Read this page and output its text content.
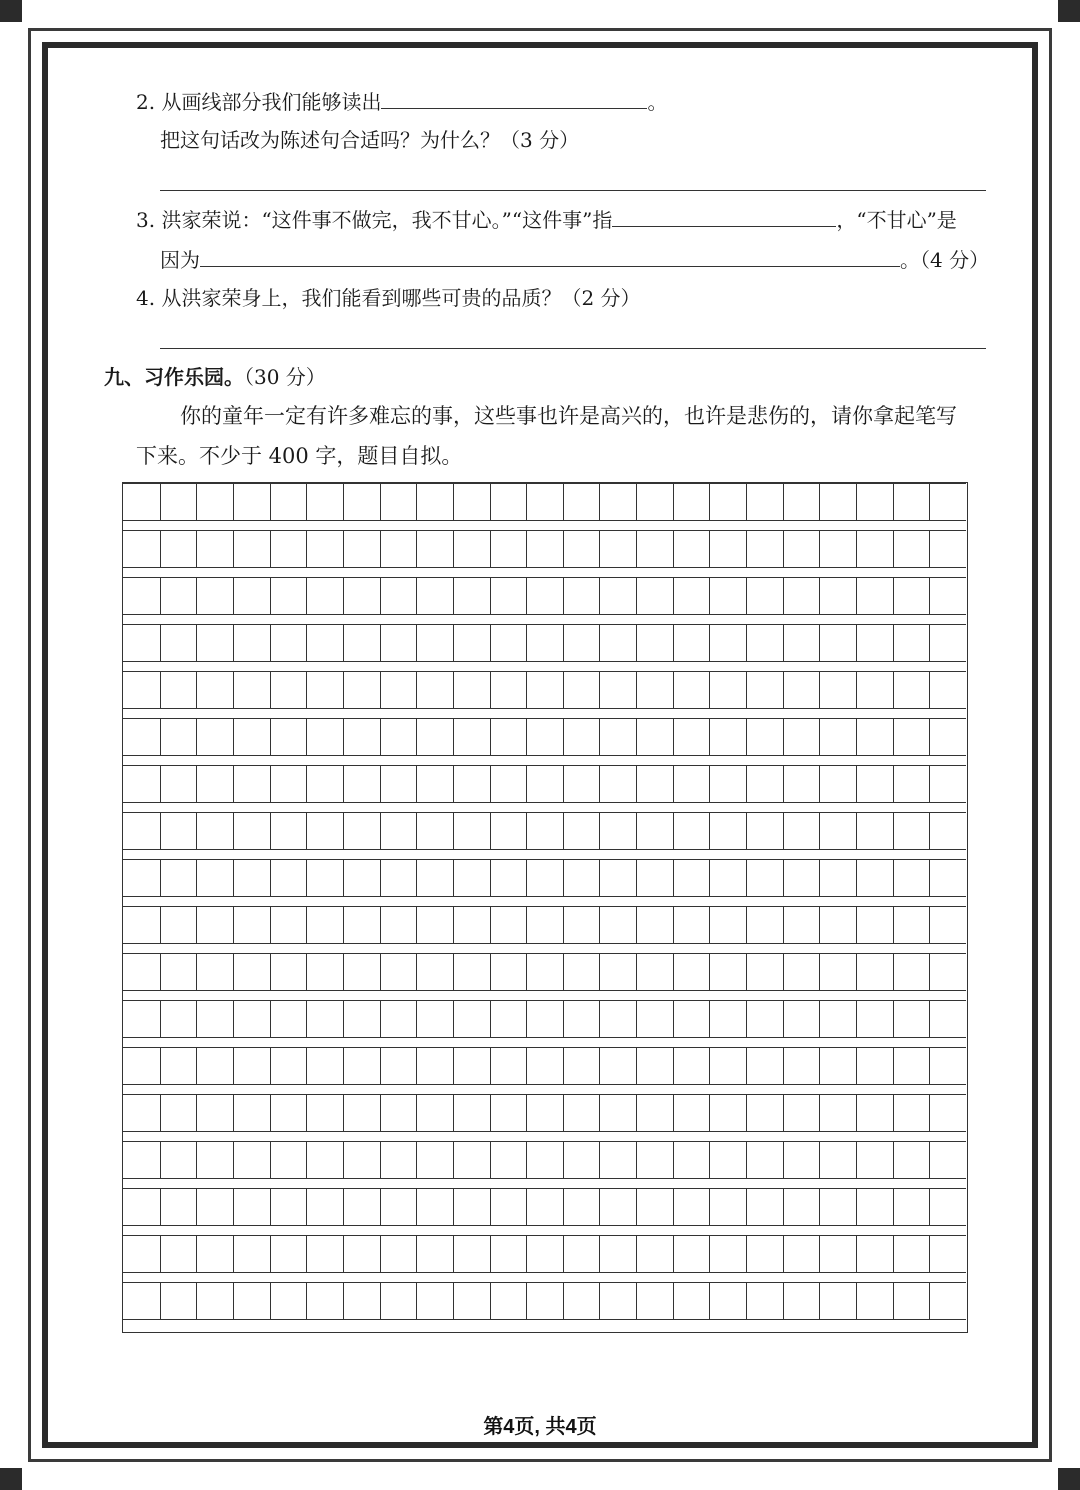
2. 从画线部分我们能够读出	。
把这句话改为陈述句合适吗？为什么？（3 分）
3. 洪家荣说：“这件事不做完，我不甘心。”“这件事”指	，“不甘心”是
因为	。（4 分）
4. 从洪家荣身上，我们能看到哪些可贵的品质？（2 分）
九、习作乐园。（30 分）
你的童年一定有许多难忘的事，这些事也许是高兴的，也许是悲伤的，请你拿起笔写
下来。不少于 400 字，题目自拟。
第4页, 共4页
